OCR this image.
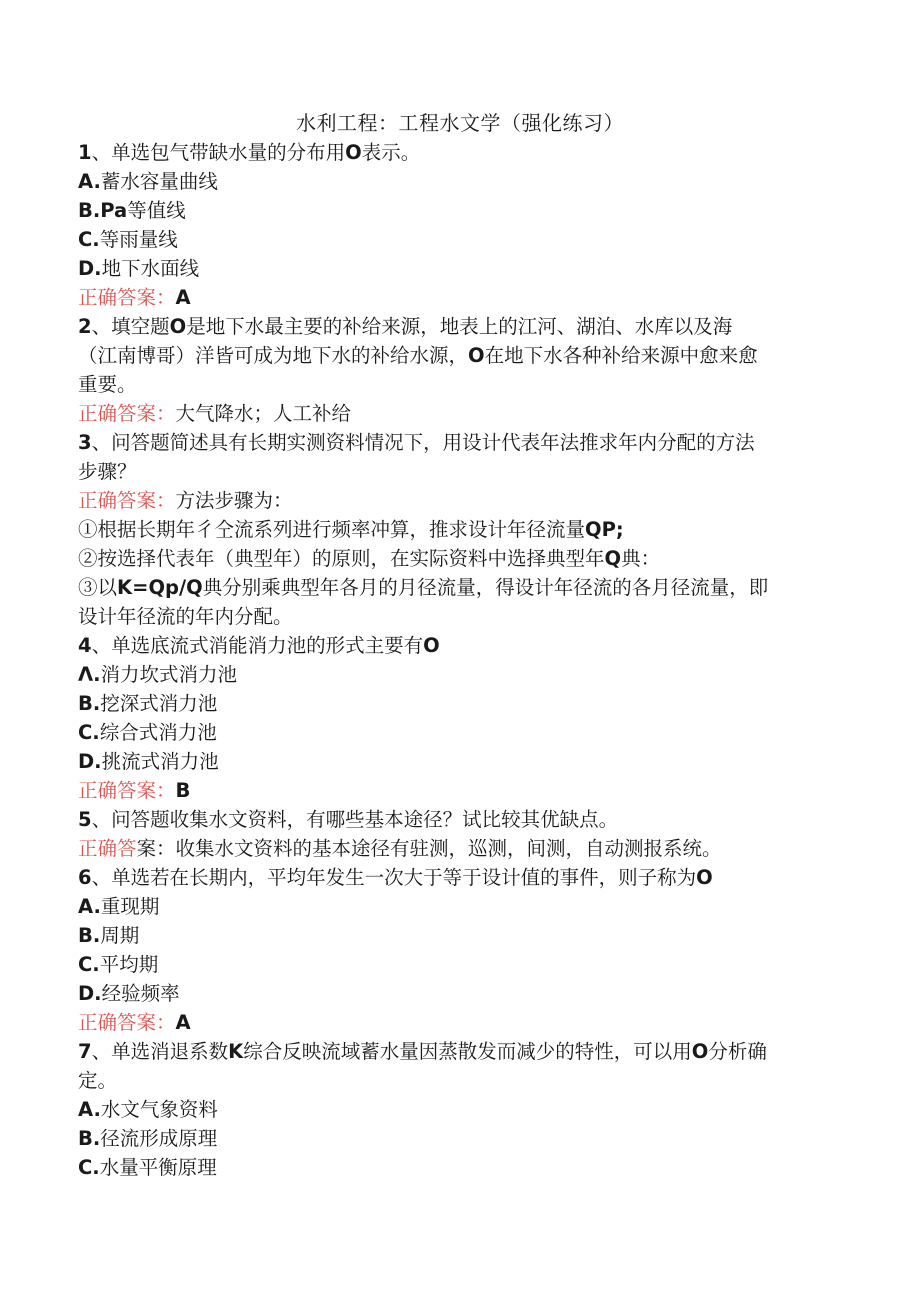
水利工程：工程水文学（强化练习）
1、单选包气带缺水量的分布用O表示。
A.蓄水容量曲线
B.Pa等值线
C.等雨量线
D.地下水面线
正确答案：A
2、填空题O是地下水最主要的补给来源，地表上的江河、湖泊、水库以及海
（江南博哥）洋皆可成为地下水的补给水源，O在地下水各种补给来源中愈来愈
重要。
正确答案：大气降水；人工补给
3、问答题简述具有长期实测资料情况下，用设计代表年法推求年内分配的方法
步骤？
正确答案：方法步骤为：
①根据长期年彳仝流系列进行频率冲算，推求设计年径流量QP;
②按选择代表年（典型年）的原则，在实际资料中选择典型年Q典：
③以K=Qp/Q典分别乘典型年各月的月径流量，得设计年径流的各月径流量，即
设计年径流的年内分配。
4、单选底流式消能消力池的形式主要有O
Λ.消力坎式消力池
B.挖深式消力池
C.综合式消力池
D.挑流式消力池
正确答案：B
5、问答题收集水文资料，有哪些基本途径？试比较其优缺点。
正确答案：收集水文资料的基本途径有驻测，巡测，间测，自动测报系统。
6、单选若在长期内，平均年发生一次大于等于设计值的事件，则子称为O
A.重现期
B.周期
C.平均期
D.经验频率
正确答案：A
7、单选消退系数K综合反映流域蓄水量因蒸散发而减少的特性，可以用O分析确
定。
A.水文气象资料
B.径流形成原理
C.水量平衡原理
